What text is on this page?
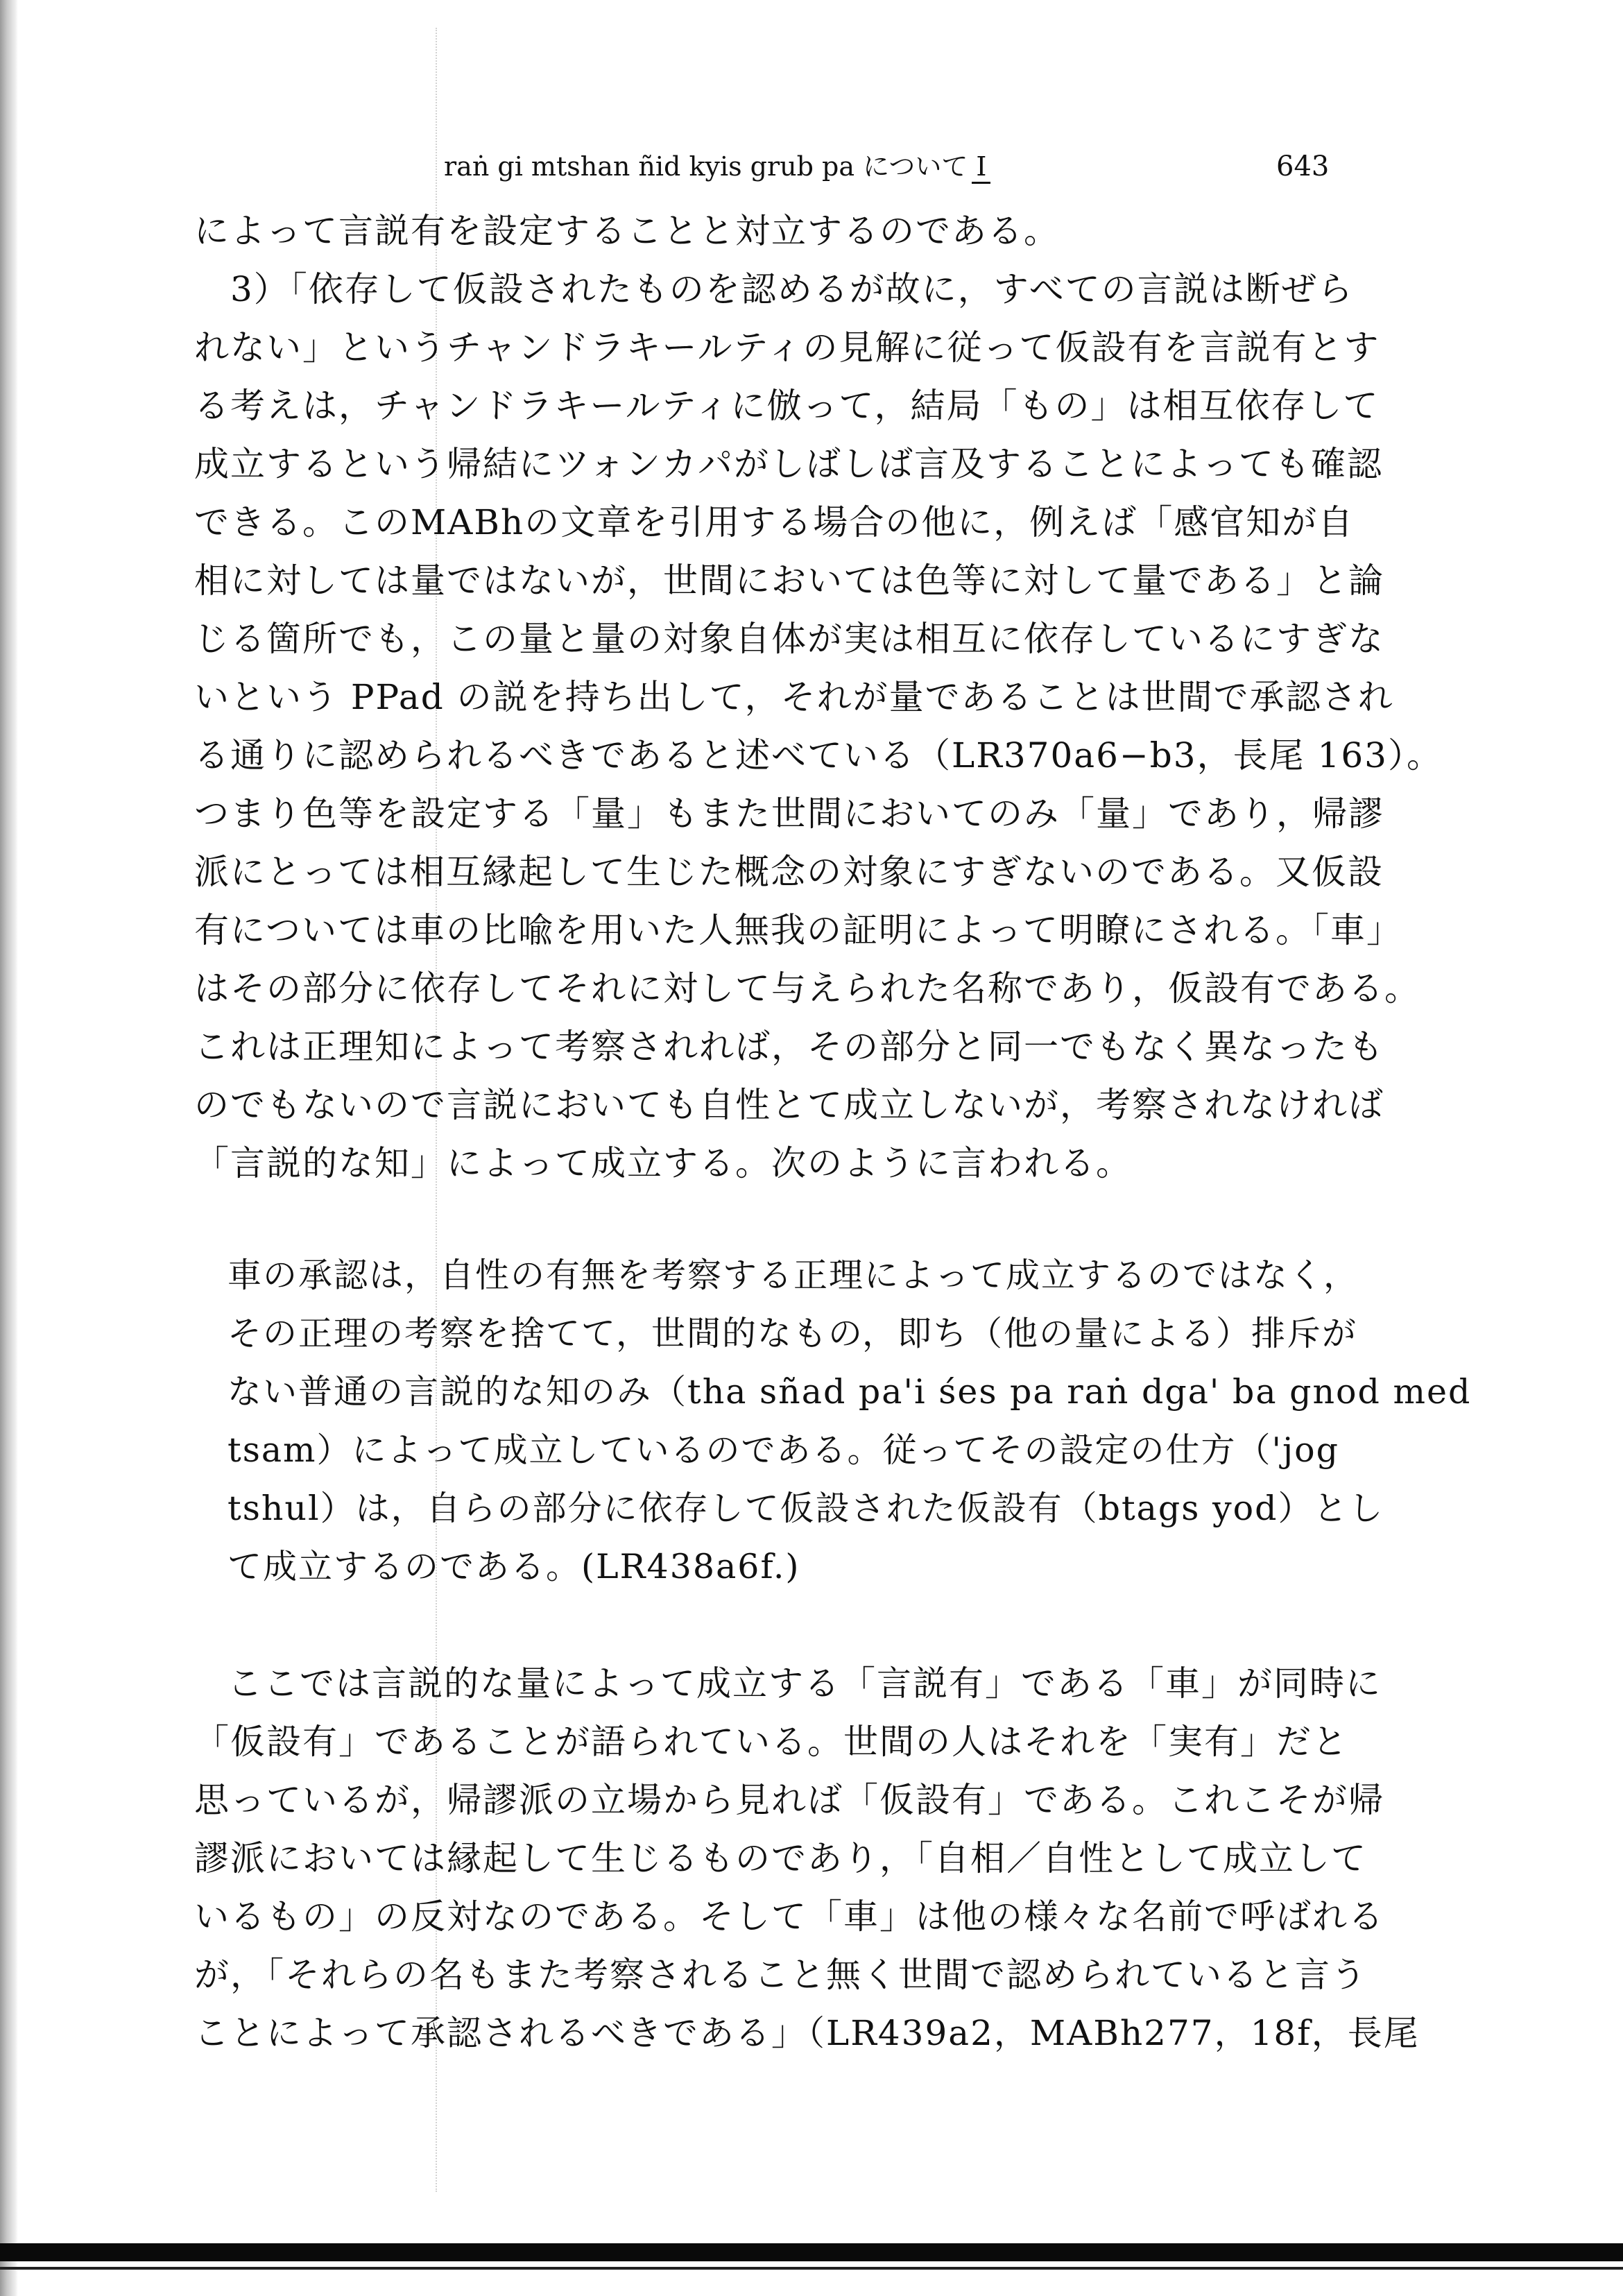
raṅ gi mtshan ñid kyis grub pa について I	643
によって言説有を設定することと対立するのである。
　3）「依存して仮設されたものを認めるが故に，すべての言説は断ぜら
れない」というチャンドラキールティの見解に従って仮設有を言説有とす
る考えは，チャンドラキールティに倣って，結局「もの」は相互依存して
成立するという帰結にツォンカパがしばしば言及することによっても確認
できる。このMABhの文章を引用する場合の他に，例えば「感官知が自
相に対しては量ではないが，世間においては色等に対して量である」と論
じる箇所でも，この量と量の対象自体が実は相互に依存しているにすぎな
いという PPad の説を持ち出して，それが量であることは世間で承認され
る通りに認められるべきであると述べている（LR370a6−b3，長尾 163）。
つまり色等を設定する「量」もまた世間においてのみ「量」であり，帰謬
派にとっては相互縁起して生じた概念の対象にすぎないのである。又仮設
有については車の比喩を用いた人無我の証明によって明瞭にされる。「車」
はその部分に依存してそれに対して与えられた名称であり，仮設有である。
これは正理知によって考察されれば，その部分と同一でもなく異なったも
のでもないので言説においても自性とて成立しないが，考察されなければ
「言説的な知」によって成立する。次のように言われる。
車の承認は，自性の有無を考察する正理によって成立するのではなく，
その正理の考察を捨てて，世間的なもの，即ち（他の量による）排斥が
ない普通の言説的な知のみ（tha sñad pa'i śes pa raṅ dga' ba gnod med
tsam）によって成立しているのである。従ってその設定の仕方（'jog
tshul）は，自らの部分に依存して仮設された仮設有（btags yod）とし
て成立するのである。(LR438a6f.)
ここでは言説的な量によって成立する「言説有」である「車」が同時に
「仮設有」であることが語られている。世間の人はそれを「実有」だと
思っているが，帰謬派の立場から見れば「仮設有」である。これこそが帰
謬派においては縁起して生じるものであり，「自相／自性として成立して
いるもの」の反対なのである。そして「車」は他の様々な名前で呼ばれる
が，「それらの名もまた考察されること無く世間で認められていると言う
ことによって承認されるべきである」（LR439a2，MABh277，18f，長尾
